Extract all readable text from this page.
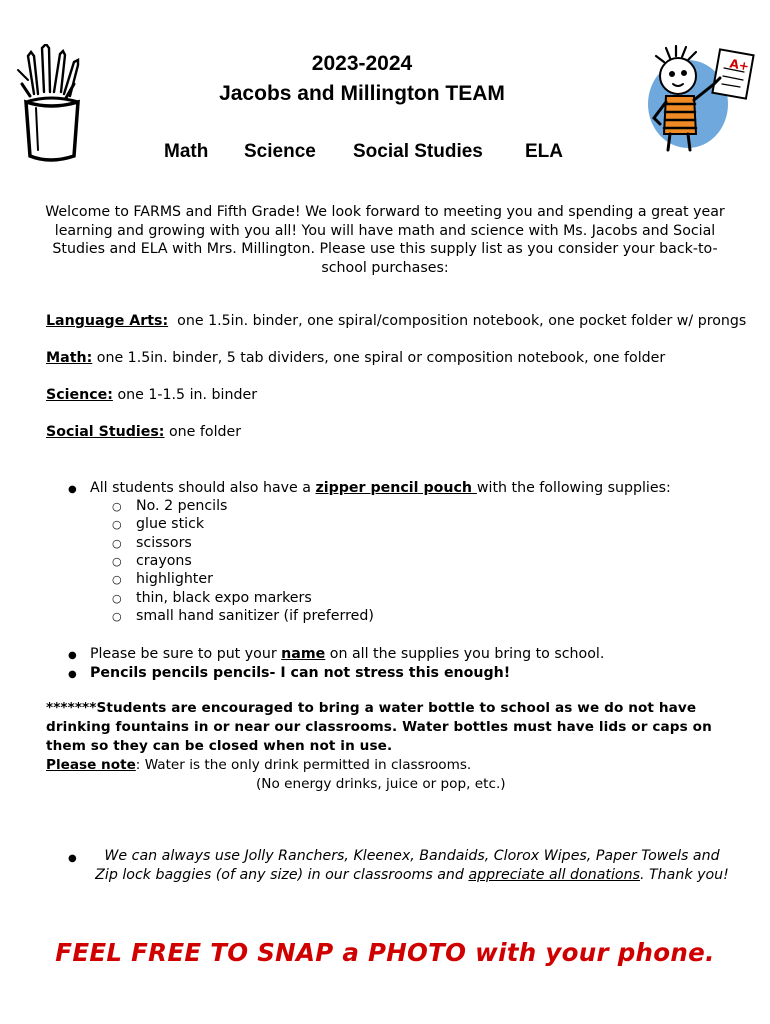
A+
2023-2024
Jacobs and Millington TEAM
Math Science Social Studies ELA
Welcome to FARMS and Fifth Grade! We look forward to meeting you and spending a great year learning and growing with you all! You will have math and science with Ms. Jacobs and Social Studies and ELA with Mrs. Millington. Please use this supply list as you consider your back-to-school purchases:
Language Arts: one 1.5in. binder, one spiral/composition notebook, one pocket folder w/ prongs
Math: one 1.5in. binder, 5 tab dividers, one spiral or composition notebook, one folder
Science: one 1-1.5 in. binder
Social Studies: one folder
● All students should also have a zipper pencil pouch with the following supplies:
○ No. 2 pencils
○ glue stick
○ scissors
○ crayons
○ highlighter
○ thin, black expo markers
○ small hand sanitizer (if preferred)
● Please be sure to put your name on all the supplies you bring to school.
● Pencils pencils pencils- I can not stress this enough!
*******Students are encouraged to bring a water bottle to school as we do not have drinking fountains in or near our classrooms. Water bottles must have lids or caps on them so they can be closed when not in use.
Please note: Water is the only drink permitted in classrooms.

(No energy drinks, juice or pop, etc.)
●	We can always use Jolly Ranchers, Kleenex, Bandaids, Clorox Wipes, Paper Towels and Zip lock baggies (of any size) in our classrooms and appreciate all donations. Thank you!
FEEL FREE TO SNAP a PHOTO with your phone.
